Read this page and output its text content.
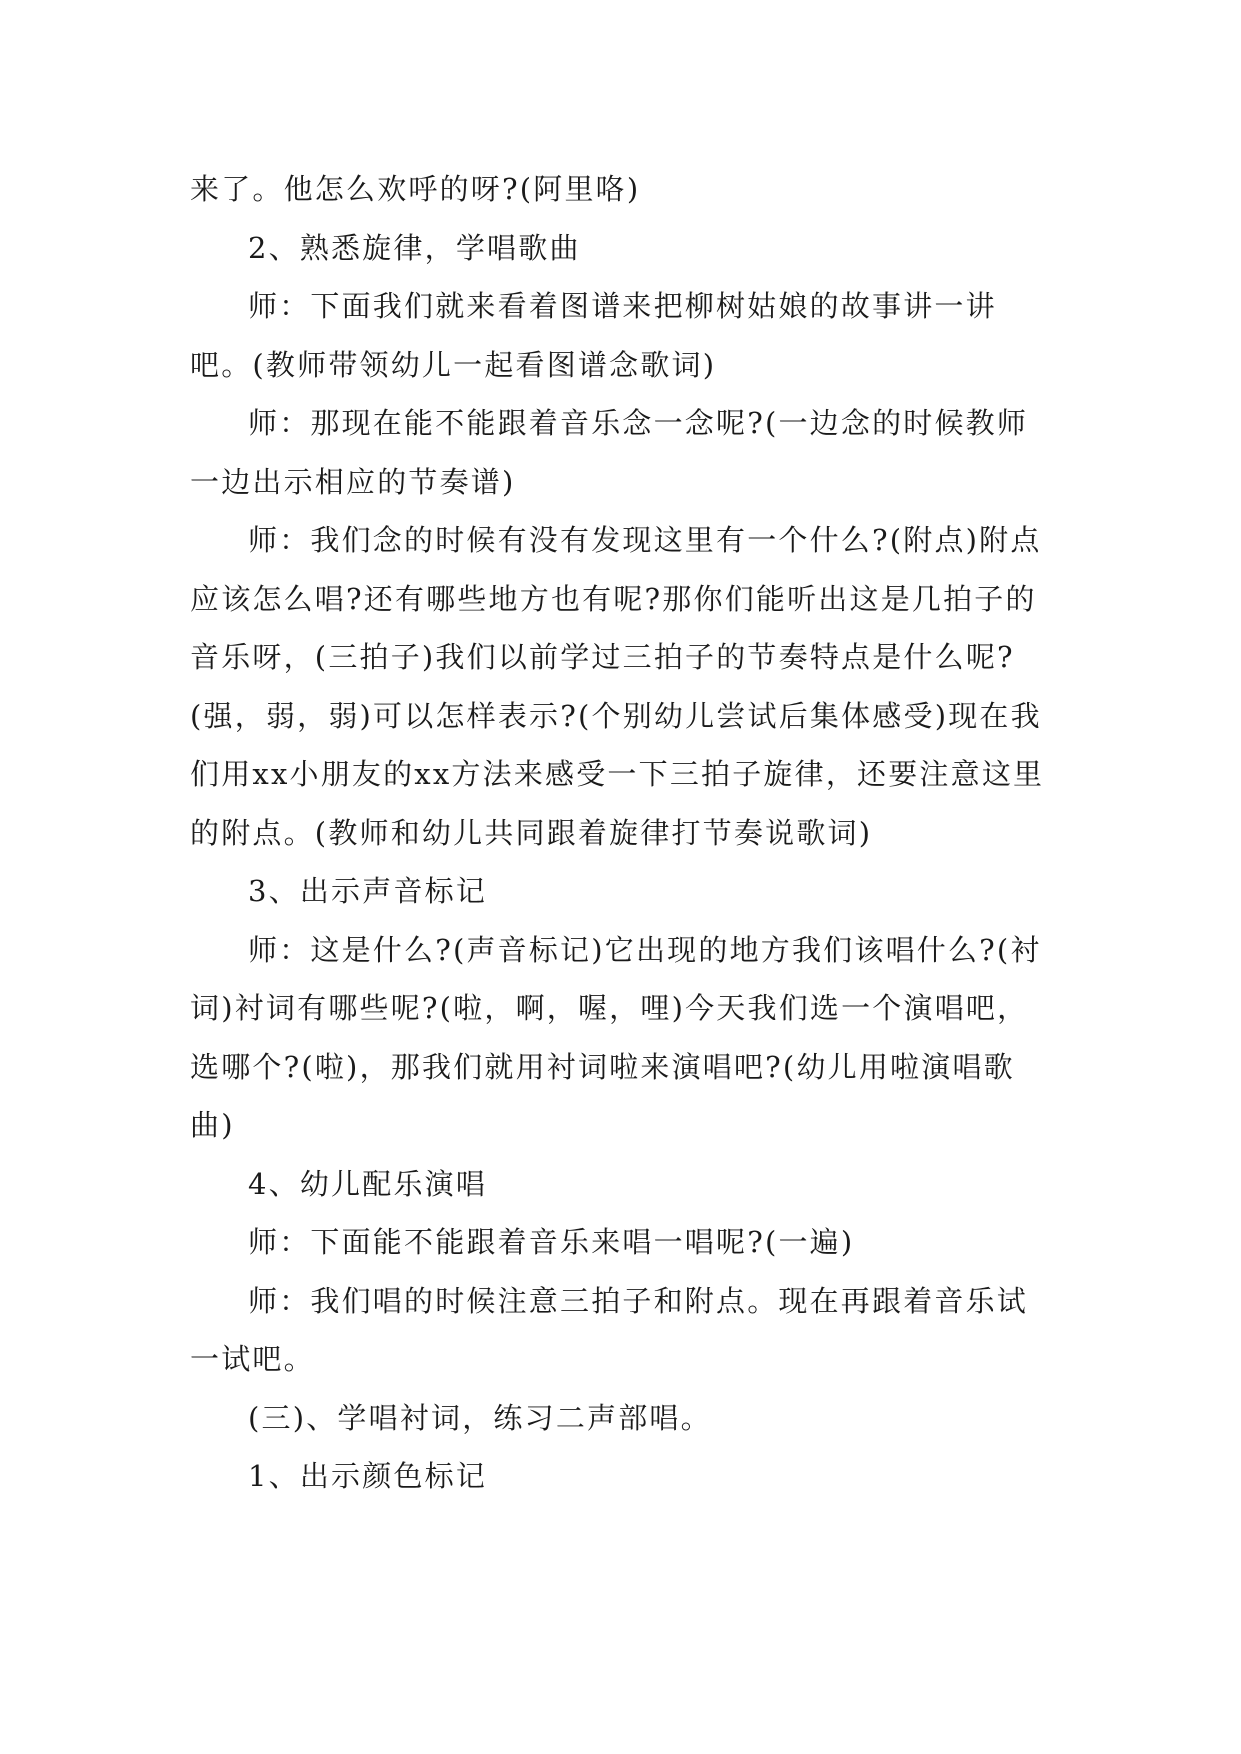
来了。他怎么欢呼的呀?(阿里咯)

2、熟悉旋律，学唱歌曲

师：下面我们就来看着图谱来把柳树姑娘的故事讲一讲吧。(教师带领幼儿一起看图谱念歌词)

师：那现在能不能跟着音乐念一念呢?(一边念的时候教师一边出示相应的节奏谱)

师：我们念的时候有没有发现这里有一个什么?(附点)附点应该怎么唱?还有哪些地方也有呢?那你们能听出这是几拍子的音乐呀，(三拍子)我们以前学过三拍子的节奏特点是什么呢?(强，弱，弱)可以怎样表示?(个别幼儿尝试后集体感受)现在我们用xx小朋友的xx方法来感受一下三拍子旋律，还要注意这里的附点。(教师和幼儿共同跟着旋律打节奏说歌词)

3、出示声音标记

师：这是什么?(声音标记)它出现的地方我们该唱什么?(衬词)衬词有哪些呢?(啦，啊，喔，哩)今天我们选一个演唱吧，选哪个?(啦)，那我们就用衬词啦来演唱吧?(幼儿用啦演唱歌曲)

4、幼儿配乐演唱

师：下面能不能跟着音乐来唱一唱呢?(一遍)

师：我们唱的时候注意三拍子和附点。现在再跟着音乐试一试吧。

(三)、学唱衬词，练习二声部唱。

1、出示颜色标记
